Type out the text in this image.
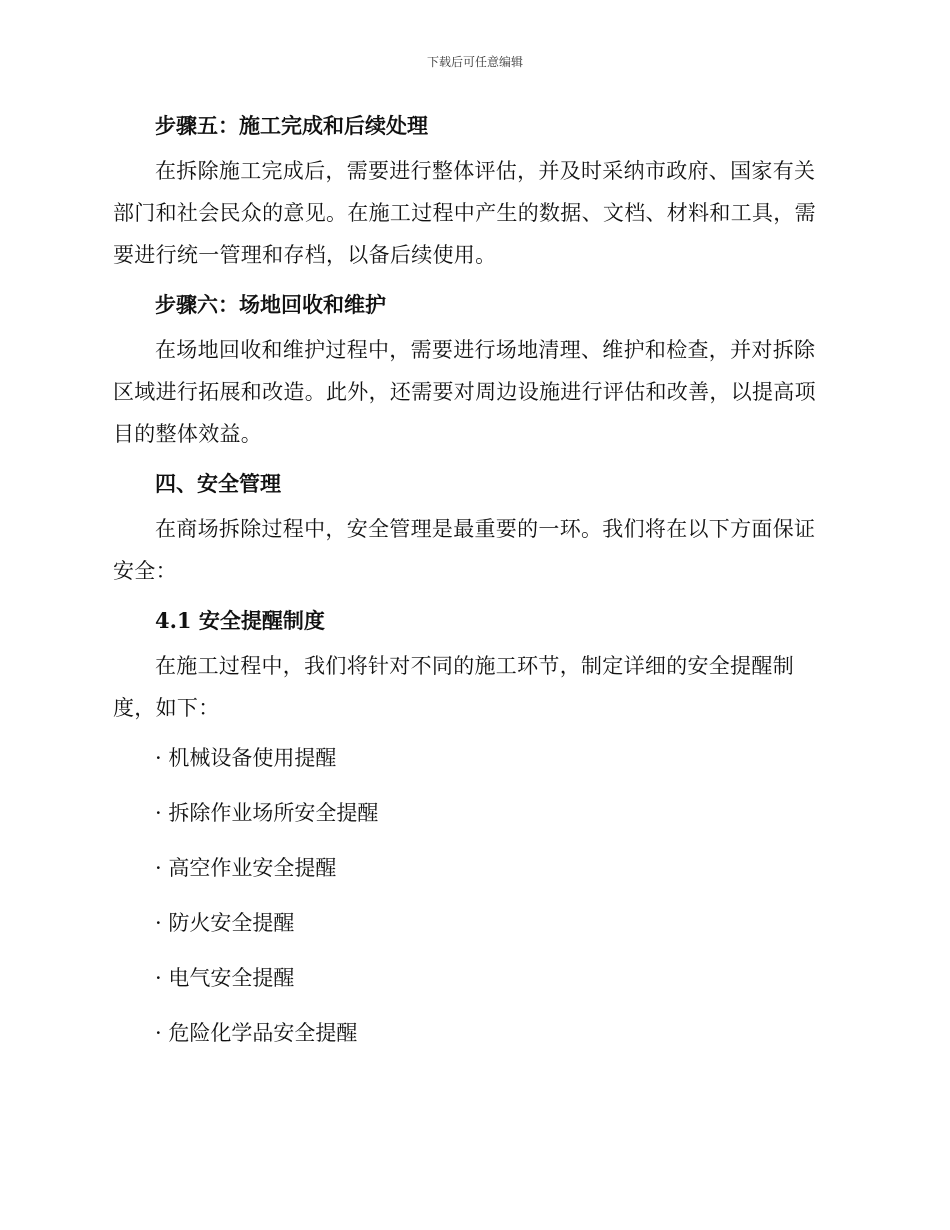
下载后可任意编辑
步骤五：施工完成和后续处理

在拆除施工完成后，需要进行整体评估，并及时采纳市政府、国家有关

部门和社会民众的意见。在施工过程中产生的数据、文档、材料和工具，需

要进行统一管理和存档，以备后续使用。

步骤六：场地回收和维护

在场地回收和维护过程中，需要进行场地清理、维护和检查，并对拆除

区域进行拓展和改造。此外，还需要对周边设施进行评估和改善，以提高项

目的整体效益。

四、安全管理

在商场拆除过程中，安全管理是最重要的一环。我们将在以下方面保证

安全：

4.1 安全提醒制度

在施工过程中，我们将针对不同的施工环节，制定详细的安全提醒制

度，如下：

· 机械设备使用提醒

· 拆除作业场所安全提醒

· 高空作业安全提醒

· 防火安全提醒

· 电气安全提醒

· 危险化学品安全提醒
